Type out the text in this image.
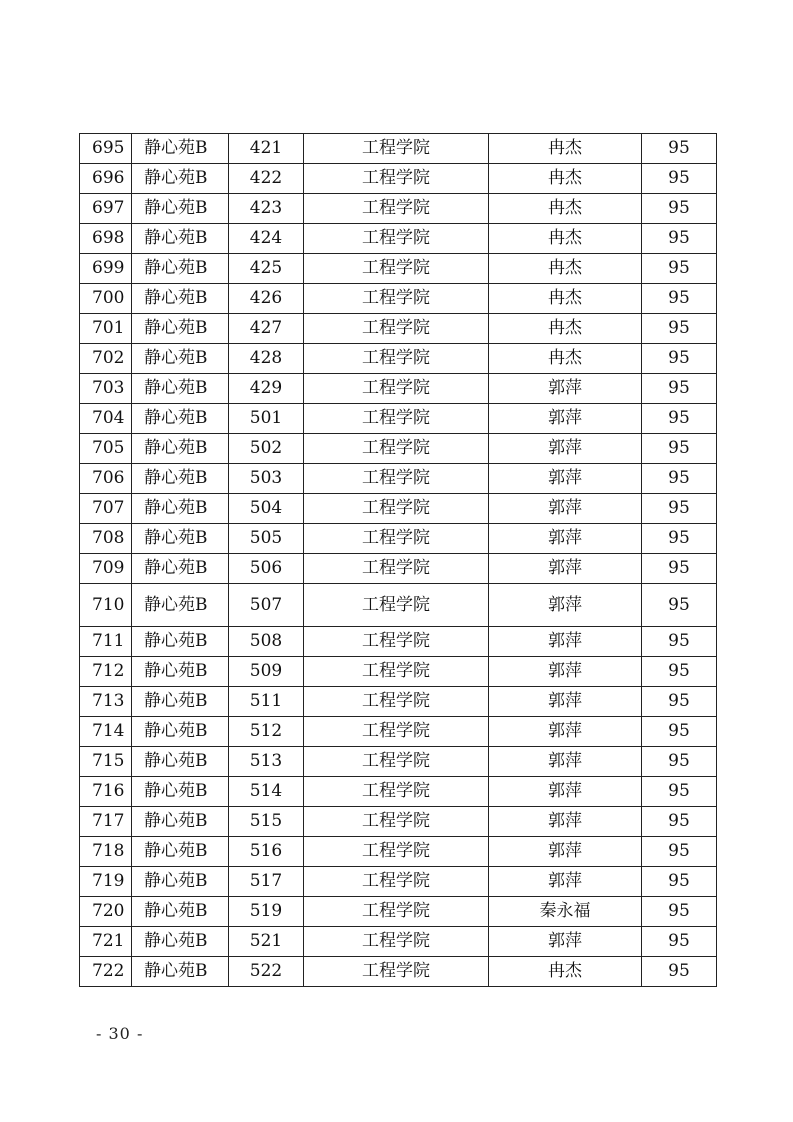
695	静心苑B	421	工程学院	冉杰	95
696	静心苑B	422	工程学院	冉杰	95
697	静心苑B	423	工程学院	冉杰	95
698	静心苑B	424	工程学院	冉杰	95
699	静心苑B	425	工程学院	冉杰	95
700	静心苑B	426	工程学院	冉杰	95
701	静心苑B	427	工程学院	冉杰	95
702	静心苑B	428	工程学院	冉杰	95
703	静心苑B	429	工程学院	郭萍	95
704	静心苑B	501	工程学院	郭萍	95
705	静心苑B	502	工程学院	郭萍	95
706	静心苑B	503	工程学院	郭萍	95
707	静心苑B	504	工程学院	郭萍	95
708	静心苑B	505	工程学院	郭萍	95
709	静心苑B	506	工程学院	郭萍	95
710	静心苑B	507	工程学院	郭萍	95
711	静心苑B	508	工程学院	郭萍	95
712	静心苑B	509	工程学院	郭萍	95
713	静心苑B	511	工程学院	郭萍	95
714	静心苑B	512	工程学院	郭萍	95
715	静心苑B	513	工程学院	郭萍	95
716	静心苑B	514	工程学院	郭萍	95
717	静心苑B	515	工程学院	郭萍	95
718	静心苑B	516	工程学院	郭萍	95
719	静心苑B	517	工程学院	郭萍	95
720	静心苑B	519	工程学院	秦永福	95
721	静心苑B	521	工程学院	郭萍	95
722	静心苑B	522	工程学院	冉杰	95
- 30 -
